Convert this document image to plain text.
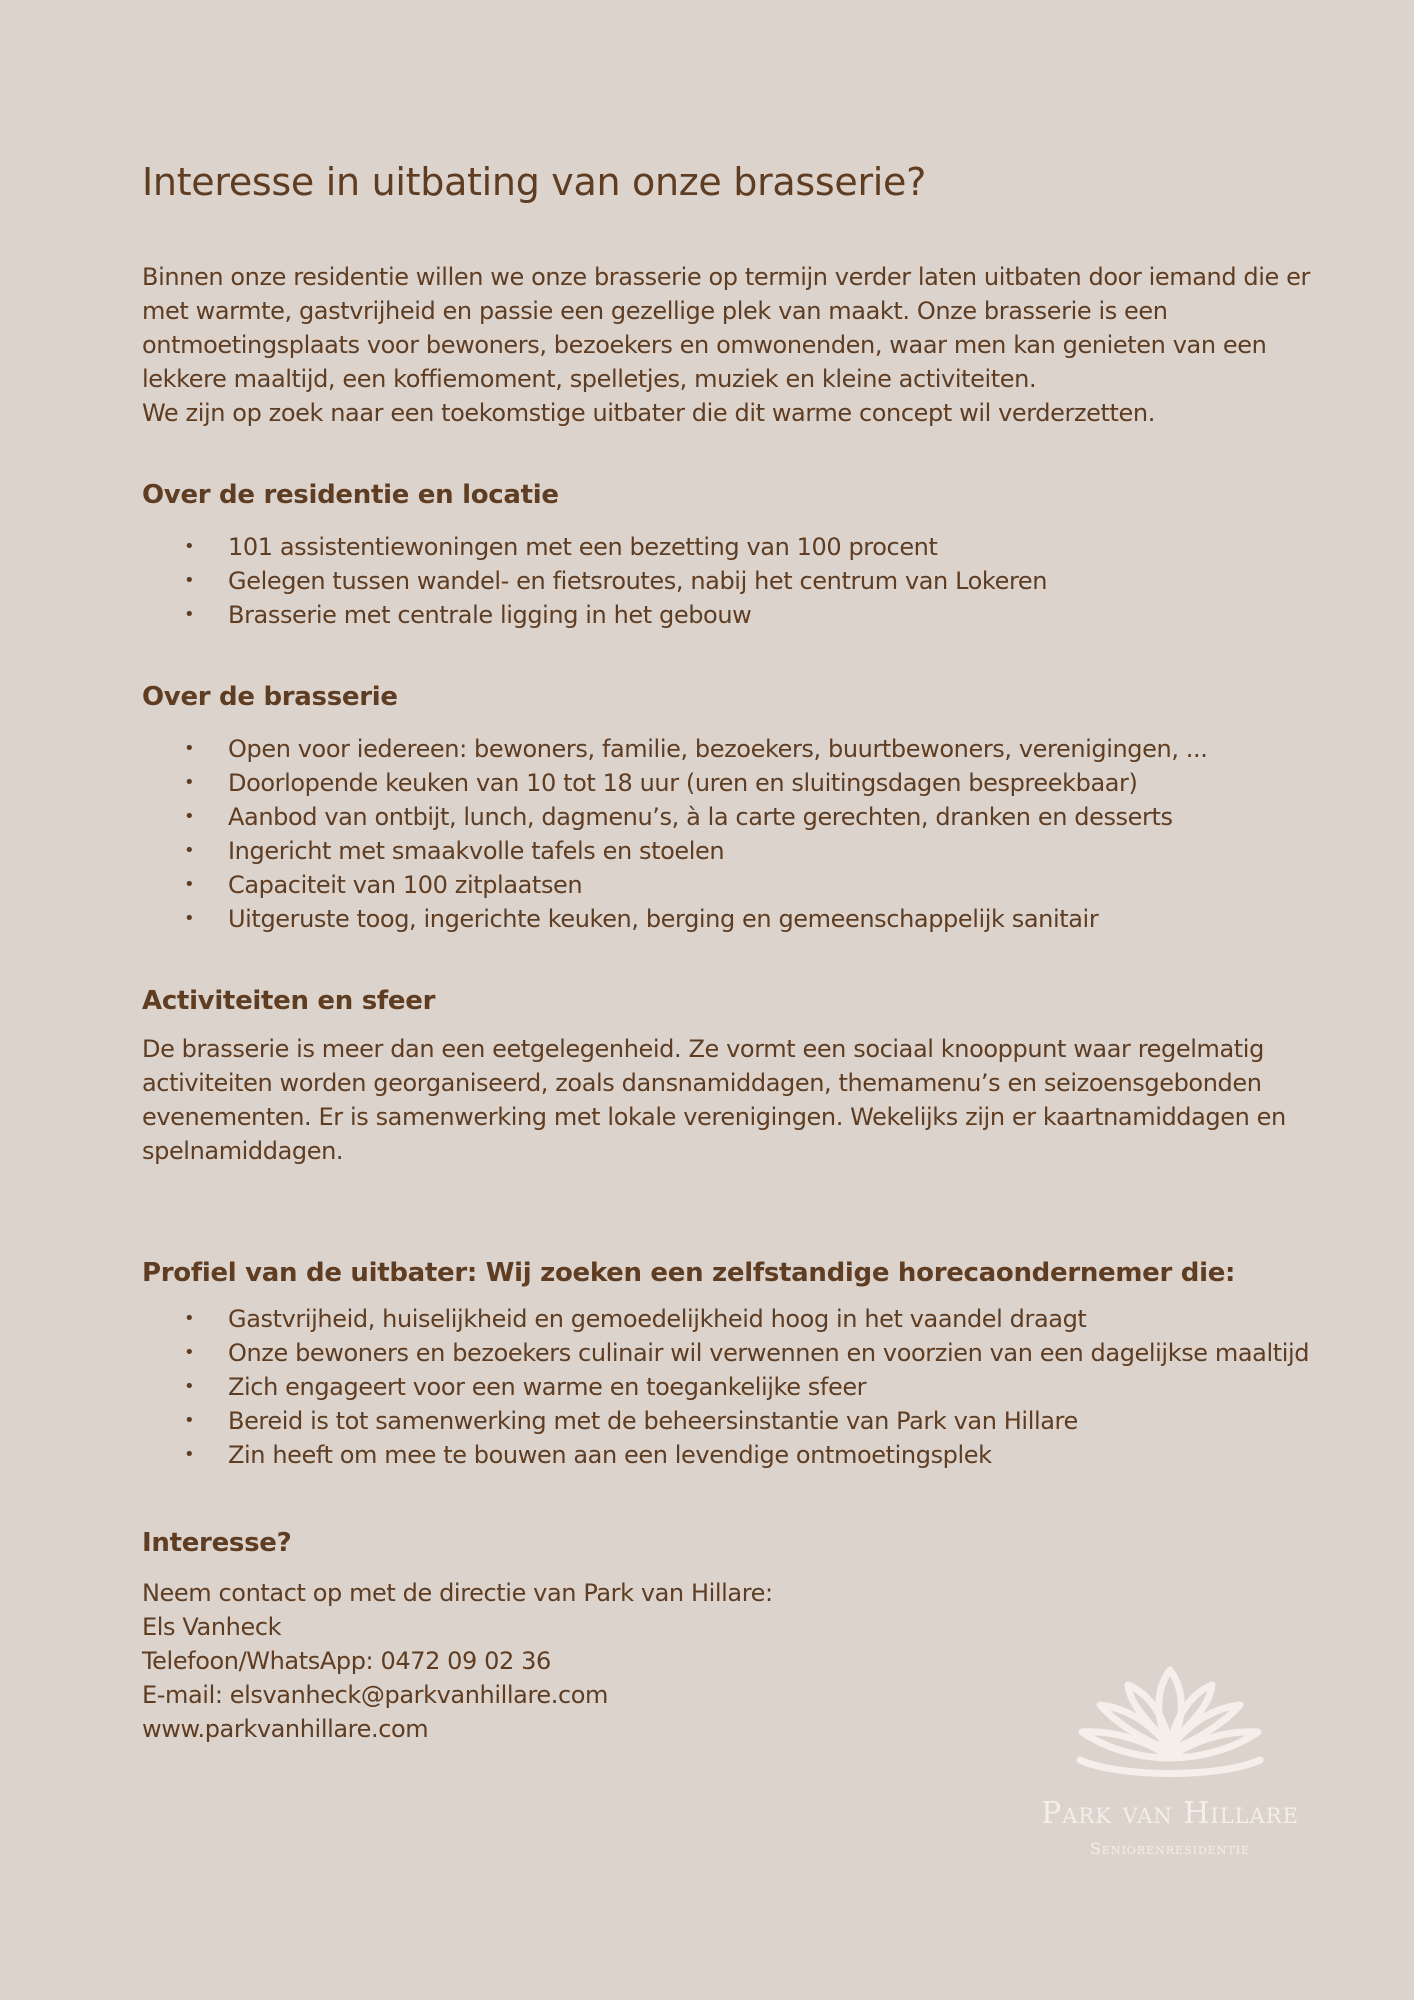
Interesse in uitbating van onze brasserie?

Binnen onze residentie willen we onze brasserie op termijn verder laten uitbaten door iemand die er met warmte, gastvrijheid en passie een gezellige plek van maakt. Onze brasserie is een ontmoetingsplaats voor bewoners, bezoekers en omwonenden, waar men kan genieten van een lekkere maaltijd, een koffiemoment, spelletjes, muziek en kleine activiteiten.

We zijn op zoek naar een toekomstige uitbater die dit warme concept wil verderzetten.

Over de residentie en locatie
• 101 assistentiewoningen met een bezetting van 100 procent
• Gelegen tussen wandel- en fietsroutes, nabij het centrum van Lokeren
• Brasserie met centrale ligging in het gebouw
Over de brasserie
• Open voor iedereen: bewoners, familie, bezoekers, buurtbewoners, verenigingen, ...
• Doorlopende keuken van 10 tot 18 uur (uren en sluitingsdagen bespreekbaar)
• Aanbod van ontbijt, lunch, dagmenu’s, à la carte gerechten, dranken en desserts
• Ingericht met smaakvolle tafels en stoelen
• Capaciteit van 100 zitplaatsen
• Uitgeruste toog, ingerichte keuken, berging en gemeenschappelijk sanitair
Activiteiten en sfeer

De brasserie is meer dan een eetgelegenheid. Ze vormt een sociaal knooppunt waar regelmatig activiteiten worden georganiseerd, zoals dansnamiddagen, themamenu’s en seizoensgebonden evenementen. Er is samenwerking met lokale verenigingen. Wekelijks zijn er kaartnamiddagen en spelnamiddagen.

Profiel van de uitbater: Wij zoeken een zelfstandige horecaondernemer die:
• Gastvrijheid, huiselijkheid en gemoedelijkheid hoog in het vaandel draagt
• Onze bewoners en bezoekers culinair wil verwennen en voorzien van een dagelijkse maaltijd
• Zich engageert voor een warme en toegankelijke sfeer
• Bereid is tot samenwerking met de beheersinstantie van Park van Hillare
• Zin heeft om mee te bouwen aan een levendige ontmoetingsplek
Interesse?
Neem contact op met de directie van Park van Hillare:
Els Vanheck
Telefoon/WhatsApp: 0472 09 02 36
E-mail: elsvanheck@parkvanhillare.com
www.parkvanhillare.com
Park van Hillare
Seniorenresidentie
